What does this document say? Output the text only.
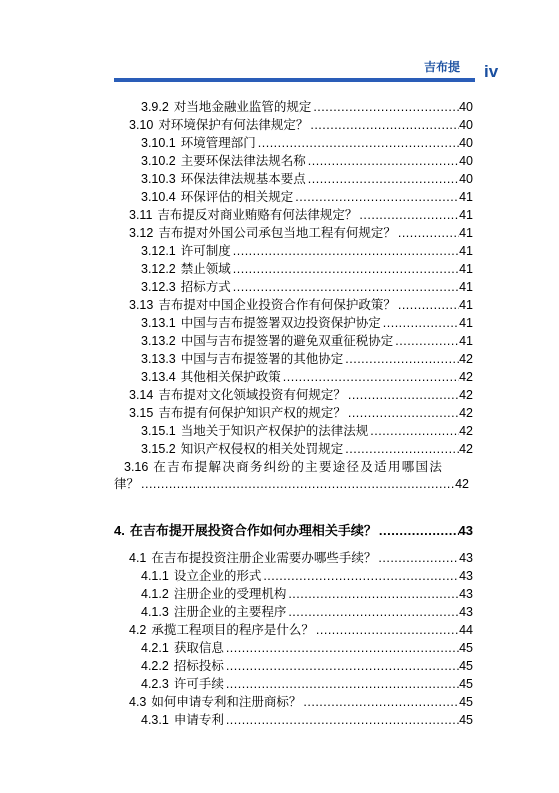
吉布提 iv
3.9.2 对当地金融业监管的规定 .....	40
3.10 对环境保护有何法律规定？ .....	40
3.10.1 环境管理部门 .....	40
3.10.2 主要环保法律法规名称 .....	40
3.10.3 环保法律法规基本要点 .....	40
3.10.4 环保评估的相关规定 .....	41
3.11 吉布提反对商业贿赂有何法律规定？ .....	41
3.12 吉布提对外国公司承包当地工程有何规定？ .....	41
3.12.1 许可制度 .....	41
3.12.2 禁止领域 .....	41
3.12.3 招标方式 .....	41
3.13 吉布提对中国企业投资合作有何保护政策？ .....	41
3.13.1 中国与吉布提签署双边投资保护协定 .....	41
3.13.2 中国与吉布提签署的避免双重征税协定 .....	41
3.13.3 中国与吉布提签署的其他协定 .....	42
3.13.4 其他相关保护政策 .....	42
3.14 吉布提对文化领域投资有何规定？ .....	42
3.15 吉布提有何保护知识产权的规定？ .....	42
3.15.1 当地关于知识产权保护的法律法规 .....	42
3.15.2 知识产权侵权的相关处罚规定 .....	42
3.16 在吉布提解决商务纠纷的主要途径及适用哪国法
律？ .....	42
4. 在吉布提开展投资合作如何办理相关手续？ .....	43
4.1 在吉布提投资注册企业需要办哪些手续？ .....	43
4.1.1 设立企业的形式 .....	43
4.1.2 注册企业的受理机构 .....	43
4.1.3 注册企业的主要程序 .....	43
4.2 承揽工程项目的程序是什么？ .....	44
4.2.1 获取信息 .....	45
4.2.2 招标投标 .....	45
4.2.3 许可手续 .....	45
4.3 如何申请专利和注册商标？ .....	45
4.3.1 申请专利 .....	45
